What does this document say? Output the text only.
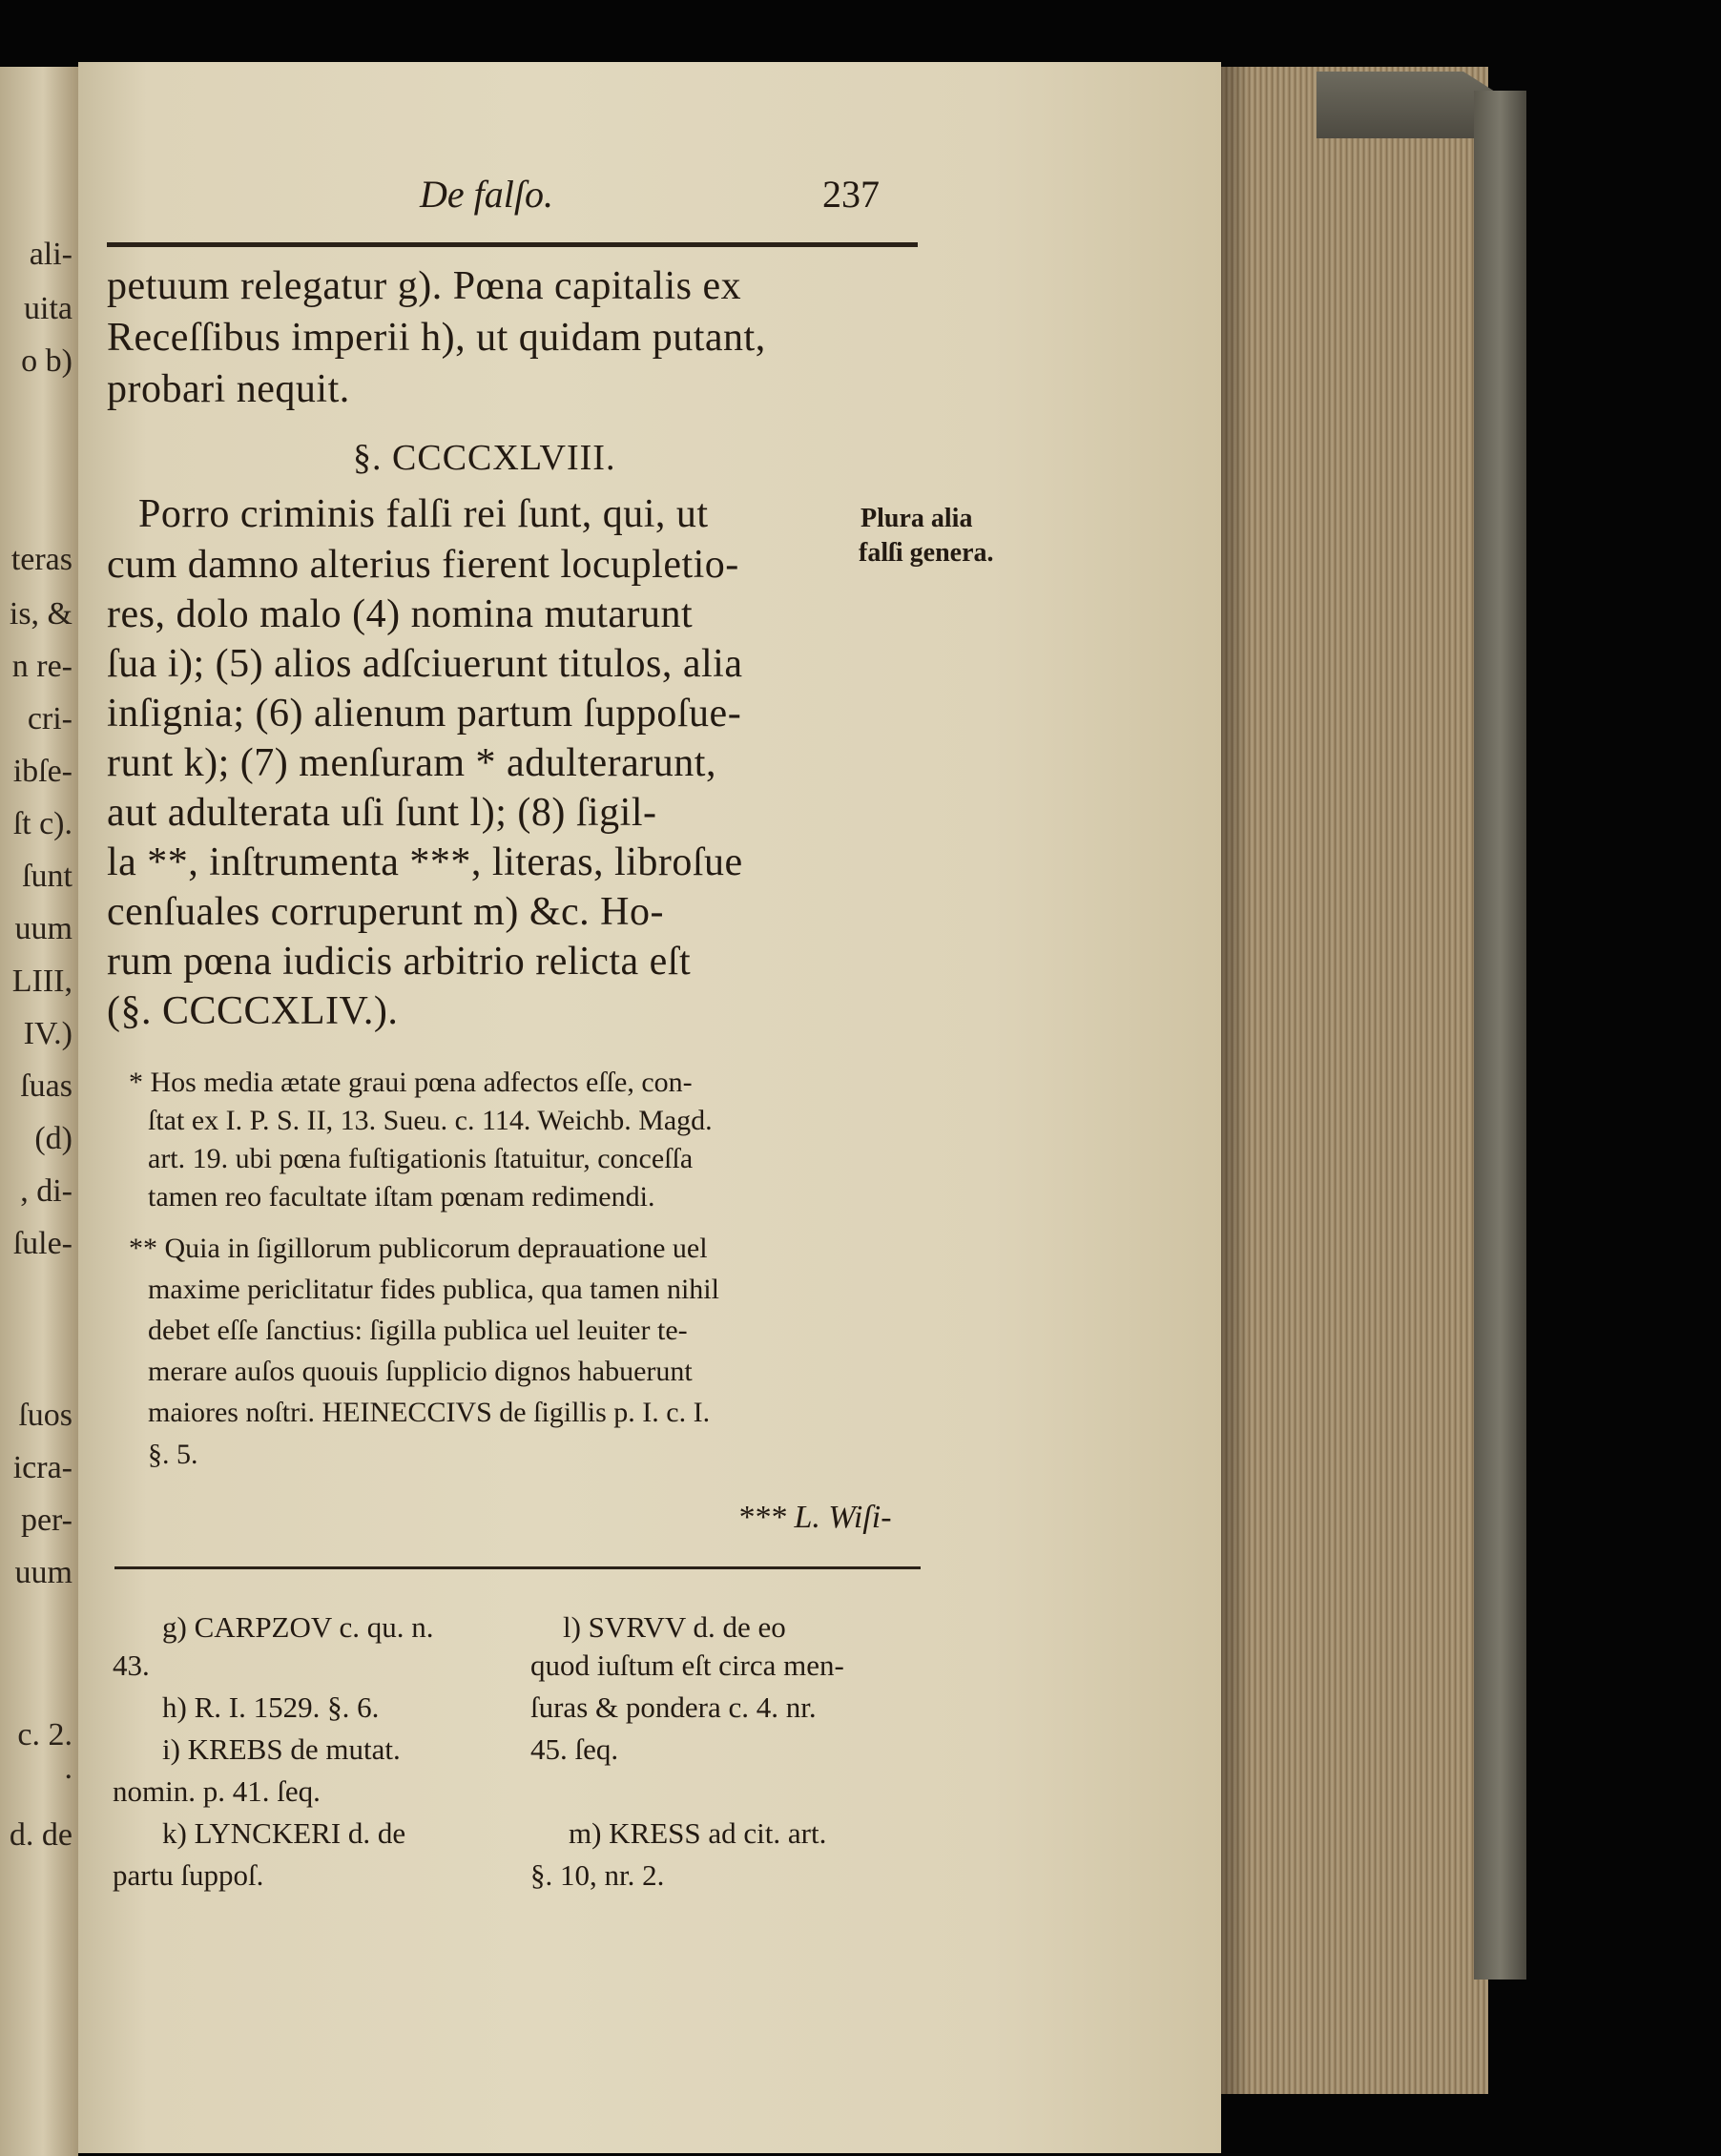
ali-
uita
o b)
teras
is, &
n re-
cri-
ibſe-
ſt c).
ſunt
uum
LIII,
IV.)
ſuas
(d)
, di-
ſule-
ſuos
icra-
per-
uum
c. 2.
.
d. de
De falſo.	237
petuum relegatur g). Pœna capitalis ex
Receſſibus imperii h), ut quidam putant,
probari nequit.
§. CCCCXLVIII.
Porro criminis falſi rei ſunt, qui, ut
cum damno alterius fierent locupletio-
res, dolo malo (4) nomina mutarunt
ſua i); (5) alios adſciuerunt titulos, alia
inſignia; (6) alienum partum ſuppoſue-
runt k); (7) menſuram * adulterarunt,
aut adulterata uſi ſunt l); (8) ſigil-
la **, inſtrumenta ***, literas, libroſue
cenſuales corruperunt m) &c. Ho-
rum pœna iudicis arbitrio relicta eſt
(§. CCCCXLIV.).
Plura alia
falſi genera.
* Hos media ætate graui pœna adfectos eſſe, con-
ſtat ex I. P. S. II, 13. Sueu. c. 114. Weichb. Magd.
art. 19. ubi pœna fuſtigationis ſtatuitur, conceſſa
tamen reo facultate iſtam pœnam redimendi.
** Quia in ſigillorum publicorum deprauatione uel
maxime periclitatur fides publica, qua tamen nihil
debet eſſe ſanctius: ſigilla publica uel leuiter te-
merare auſos quouis ſupplicio dignos habuerunt
maiores noſtri. HEINECCIVS de ſigillis p. I. c. I.
§. 5.
*** L. Wiſi-
g) CARPZOV c. qu. n.
43.
h) R. I. 1529. §. 6.
i) KREBS de mutat.
nomin. p. 41. ſeq.
k) LYNCKERI d. de
partu ſuppoſ.
l) SVRVV d. de eo
quod iuſtum eſt circa men-
ſuras & pondera c. 4. nr.
45. ſeq.
m) KRESS ad cit. art.
§. 10, nr. 2.
